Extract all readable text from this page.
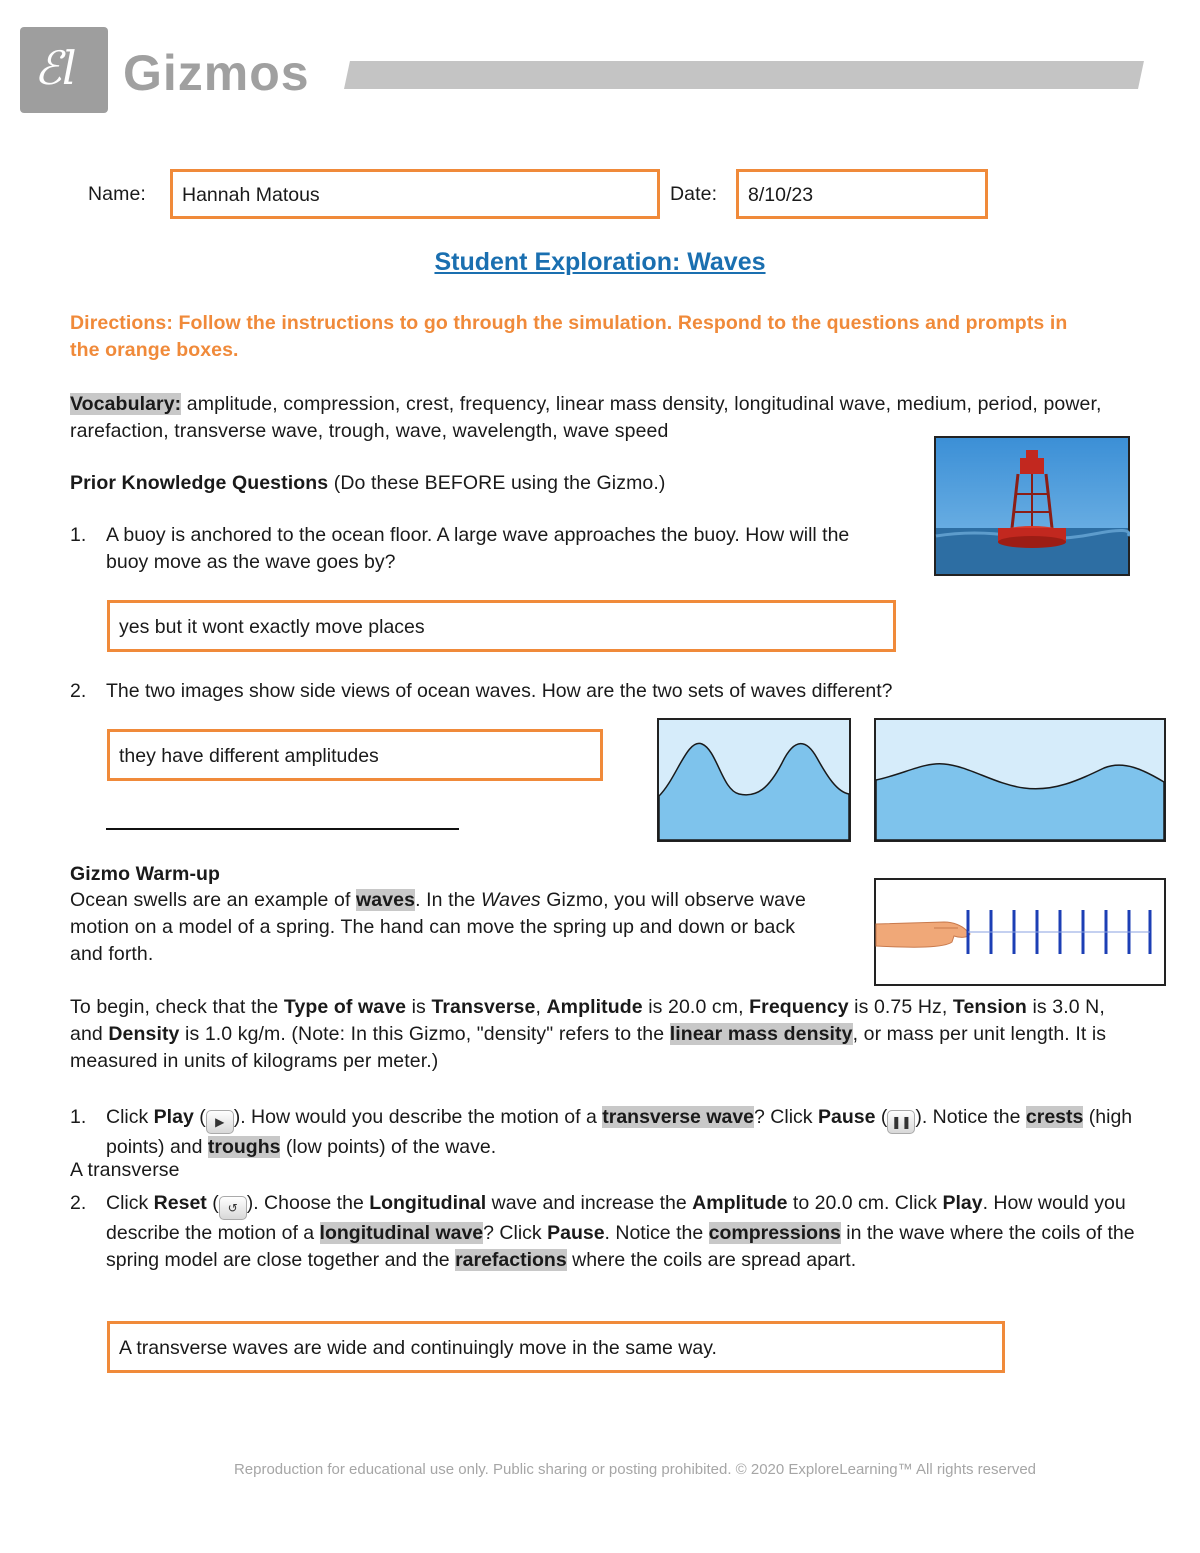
ℰl Gizmos
Name: Hannah Matous	Date: 8/10/23
Student Exploration: Waves
Directions: Follow the instructions to go through the simulation. Respond to the questions and prompts in the orange boxes.
Vocabulary: amplitude, compression, crest, frequency, linear mass density, longitudinal wave, medium, period, power, rarefaction, transverse wave, trough, wave, wavelength, wave speed
Prior Knowledge Questions (Do these BEFORE using the Gizmo.)
1. A buoy is anchored to the ocean floor. A large wave approaches the buoy. How will the buoy move as the wave goes by?
yes but it wont exactly move places
2. The two images show side views of ocean waves. How are the two sets of waves different?
they have different amplitudes
Gizmo Warm-up
Ocean swells are an example of waves. In the Waves Gizmo, you will observe wave motion on a model of a spring. The hand can move the spring up and down or back and forth.
To begin, check that the Type of wave is Transverse, Amplitude is 20.0 cm, Frequency is 0.75 Hz, Tension is 3.0 N, and Density is 1.0 kg/m. (Note: In this Gizmo, "density" refers to the linear mass density, or mass per unit length. It is measured in units of kilograms per meter.)
1. Click Play ( ▶ ). How would you describe the motion of a transverse wave? Click Pause ( ❚❚ ). Notice the crests (high points) and troughs (low points) of the wave.
A transverse
2. Click Reset ( ↺ ). Choose the Longitudinal wave and increase the Amplitude to 20.0 cm. Click Play. How would you describe the motion of a longitudinal wave? Click Pause. Notice the compressions in the wave where the coils of the spring model are close together and the rarefactions where the coils are spread apart.
A transverse waves are wide and continuingly move in the same way.
Reproduction for educational use only. Public sharing or posting prohibited. © 2020 ExploreLearning™ All rights reserved
